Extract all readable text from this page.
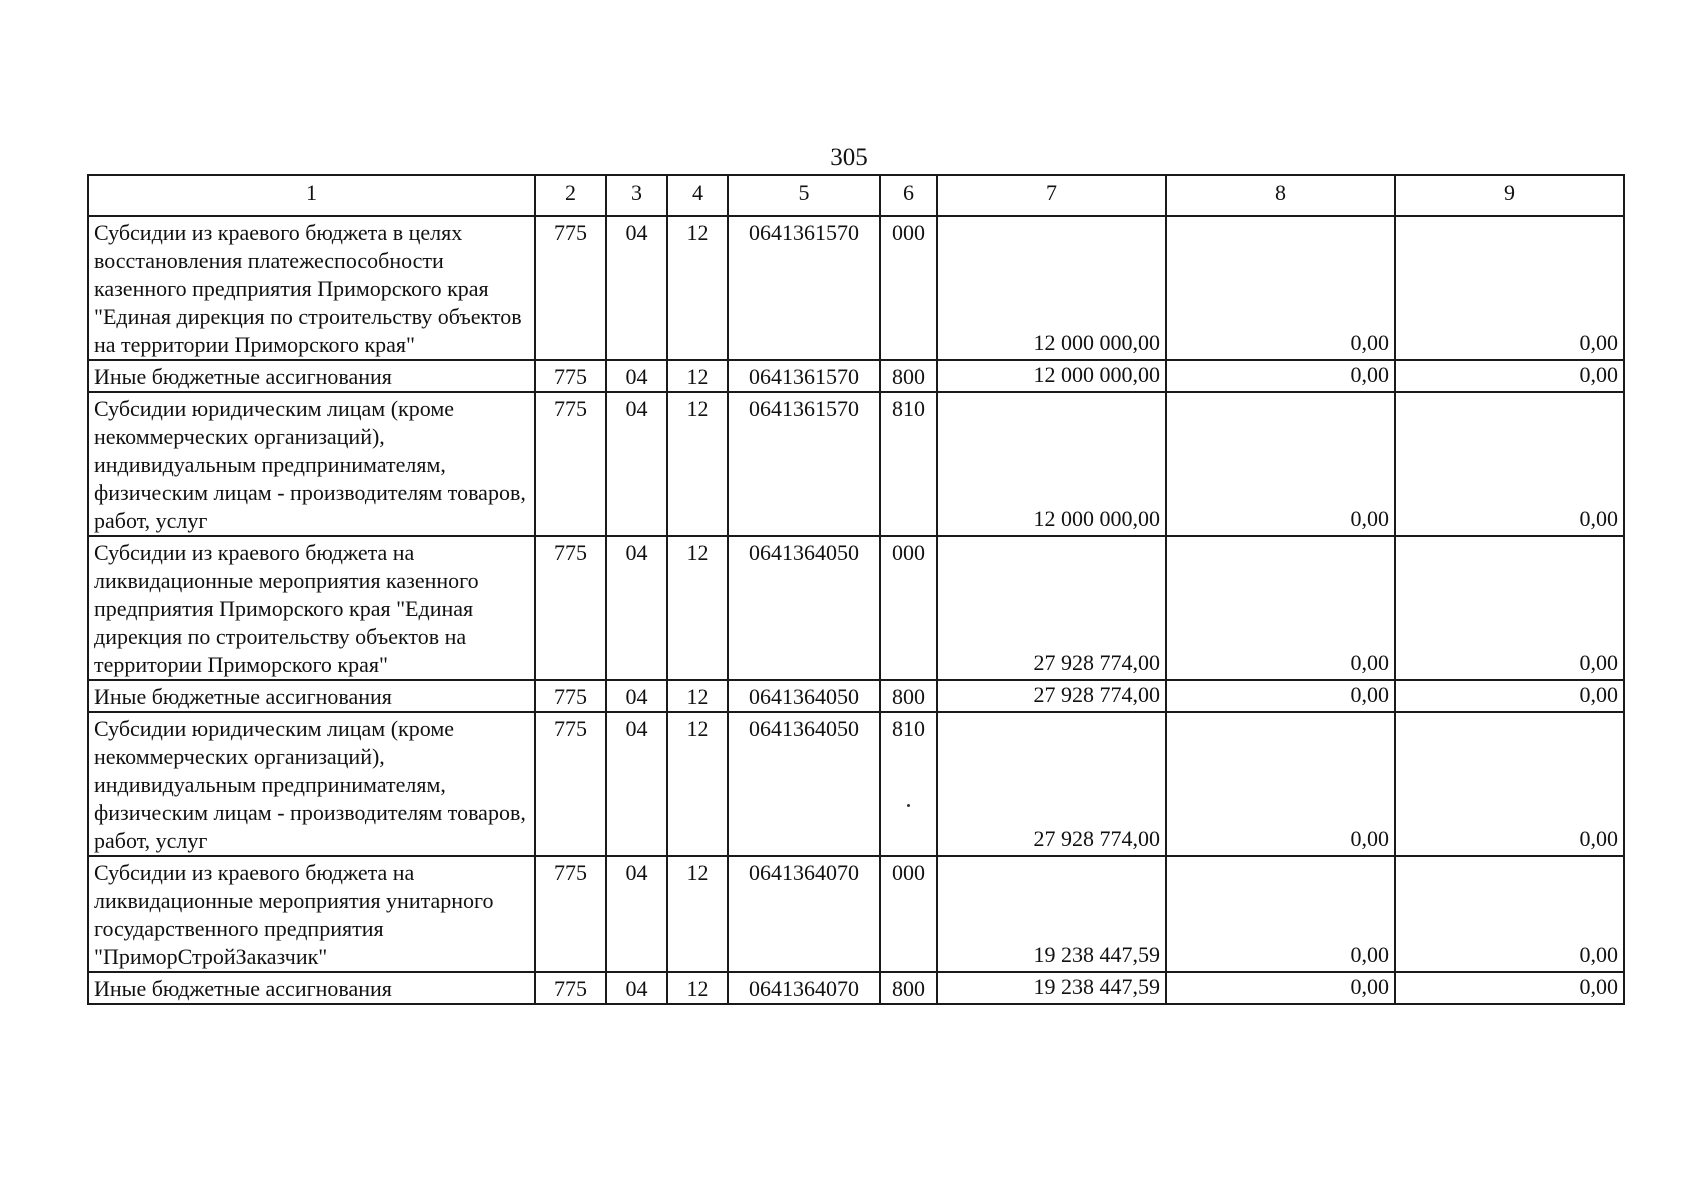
305
1	2	3	4	5	6	7	8	9
Субсидии из краевого бюджета в целях восстановления платежеспособности казенного предприятия Приморского края "Единая дирекция по строительству объектов на территории Приморского края"	775	04	12	0641361570	000	12 000 000,00	0,00	0,00
Иные бюджетные ассигнования	775	04	12	0641361570	800	12 000 000,00	0,00	0,00
Субсидии юридическим лицам (кроме некоммерческих организаций), индивидуальным предпринимателям, физическим лицам - производителям товаров, работ, услуг	775	04	12	0641361570	810	12 000 000,00	0,00	0,00
Субсидии из краевого бюджета на ликвидационные мероприятия казенного предприятия Приморского края "Единая дирекция по строительству объектов на территории Приморского края"	775	04	12	0641364050	000	27 928 774,00	0,00	0,00
Иные бюджетные ассигнования	775	04	12	0641364050	800	27 928 774,00	0,00	0,00
Субсидии юридическим лицам (кроме некоммерческих организаций), индивидуальным предпринимателям, физическим лицам - производителям товаров, работ, услуг	775	04	12	0641364050	810	27 928 774,00	0,00	0,00
Субсидии из краевого бюджета на ликвидационные мероприятия унитарного государственного предприятия "ПриморСтройЗаказчик"	775	04	12	0641364070	000	19 238 447,59	0,00	0,00
Иные бюджетные ассигнования	775	04	12	0641364070	800	19 238 447,59	0,00	0,00
